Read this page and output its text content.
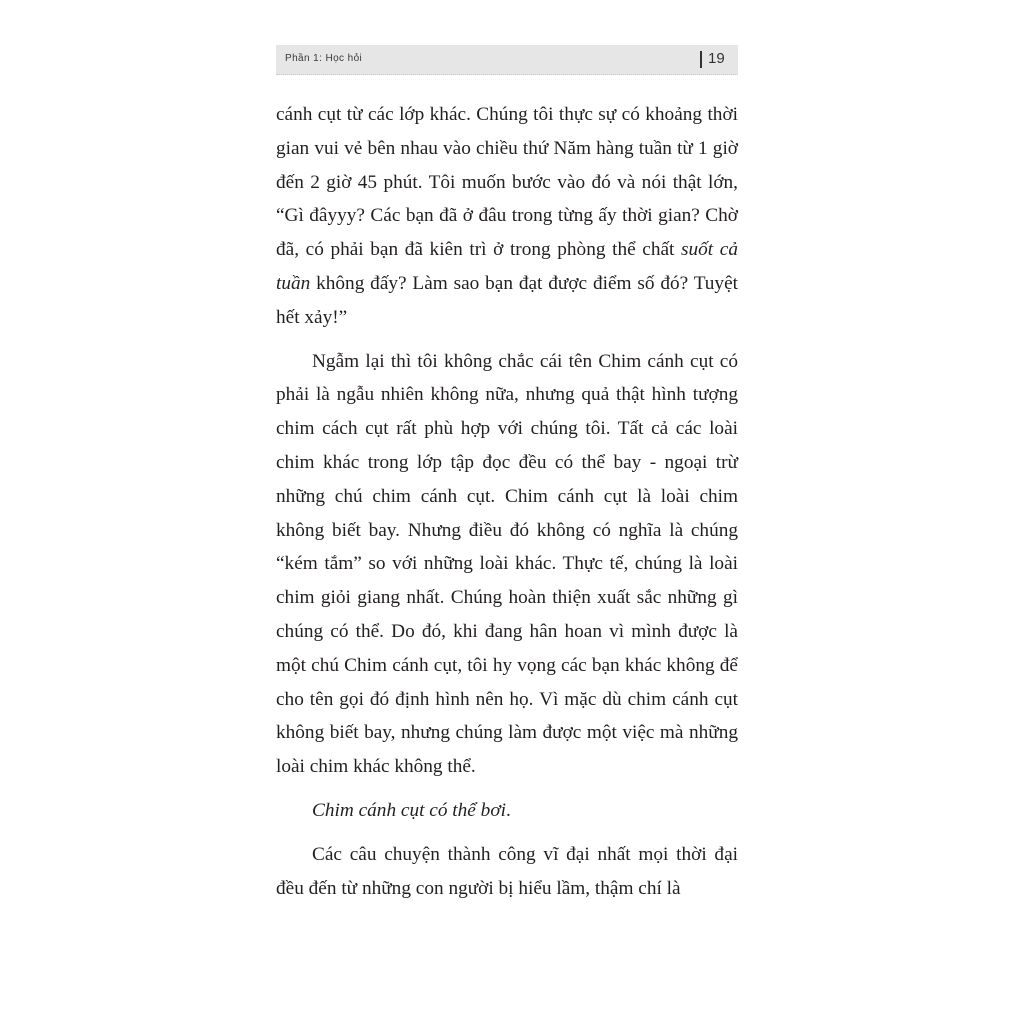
Phần 1: Học hỏi	19

cánh cụt từ các lớp khác. Chúng tôi thực sự có khoảng thời gian vui vẻ bên nhau vào chiều thứ Năm hàng tuần từ 1 giờ đến 2 giờ 45 phút. Tôi muốn bước vào đó và nói thật lớn, “Gì đâyyy? Các bạn đã ở đâu trong từng ấy thời gian? Chờ đã, có phải bạn đã kiên trì ở trong phòng thể chất suốt cả tuần không đấy? Làm sao bạn đạt được điểm số đó? Tuyệt hết xảy!”

Ngẫm lại thì tôi không chắc cái tên Chim cánh cụt có phải là ngẫu nhiên không nữa, nhưng quả thật hình tượng chim cách cụt rất phù hợp với chúng tôi. Tất cả các loài chim khác trong lớp tập đọc đều có thể bay - ngoại trừ những chú chim cánh cụt. Chim cánh cụt là loài chim không biết bay. Nhưng điều đó không có nghĩa là chúng “kém tắm” so với những loài khác. Thực tế, chúng là loài chim giỏi giang nhất. Chúng hoàn thiện xuất sắc những gì chúng có thể. Do đó, khi đang hân hoan vì mình được là một chú Chim cánh cụt, tôi hy vọng các bạn khác không để cho tên gọi đó định hình nên họ. Vì mặc dù chim cánh cụt không biết bay, nhưng chúng làm được một việc mà những loài chim khác không thể.

Chim cánh cụt có thể bơi.

Các câu chuyện thành công vĩ đại nhất mọi thời đại đều đến từ những con người bị hiểu lầm, thậm chí là
